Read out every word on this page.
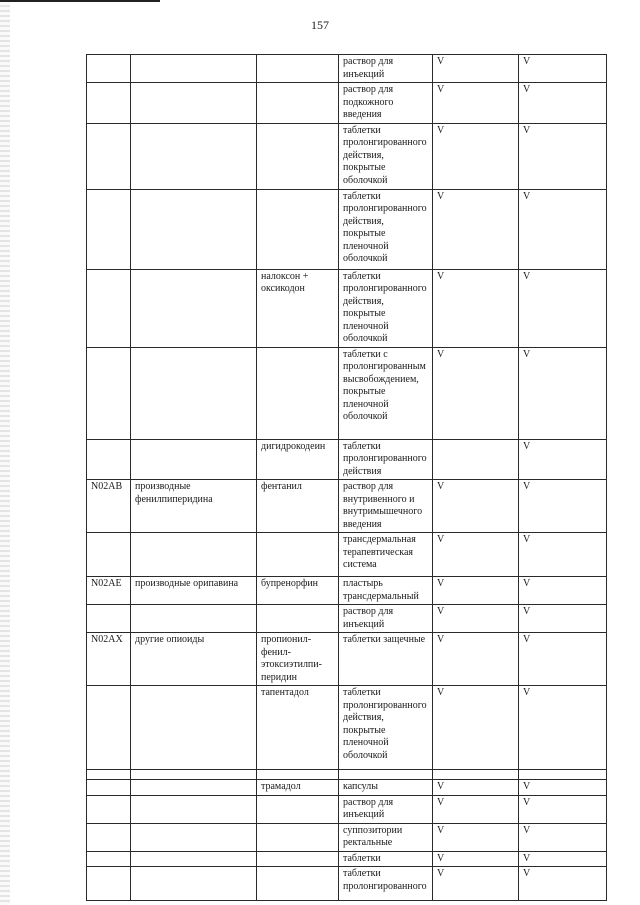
157
			раствор для инъекций	V	V
			раствор для подкожного введения	V	V
			таблетки пролонгированного действия, покрытые оболочкой	V	V
			таблетки пролонгированного действия, покрытые пленочной оболочкой	V	V
		налоксон + оксикодон	таблетки пролонгированного действия, покрытые пленочной оболочкой	V	V
			таблетки с пролонгированным высвобождением, покрытые пленочной оболочкой	V	V
		дигидрокодеин	таблетки пролонгированного действия		V
N02AB	производные фенилпиперидина	фентанил	раствор для внутривенного и внутримышечного введения	V	V
			трансдермальная терапевтическая система	V	V
N02AE	производные орипавина	бупренорфин	пластырь трансдермальный	V	V
			раствор для инъекций	V	V
N02AX	другие опиоиды	пропионил-фенил-этоксиэтилпи-перидин	таблетки защечные	V	V
		тапентадол	таблетки пролонгированного действия, покрытые пленочной оболочкой	V	V

		трамадол	капсулы	V	V
			раствор для инъекций	V	V
			суппозитории ректальные	V	V
			таблетки	V	V
			таблетки пролонгированного	V	V
